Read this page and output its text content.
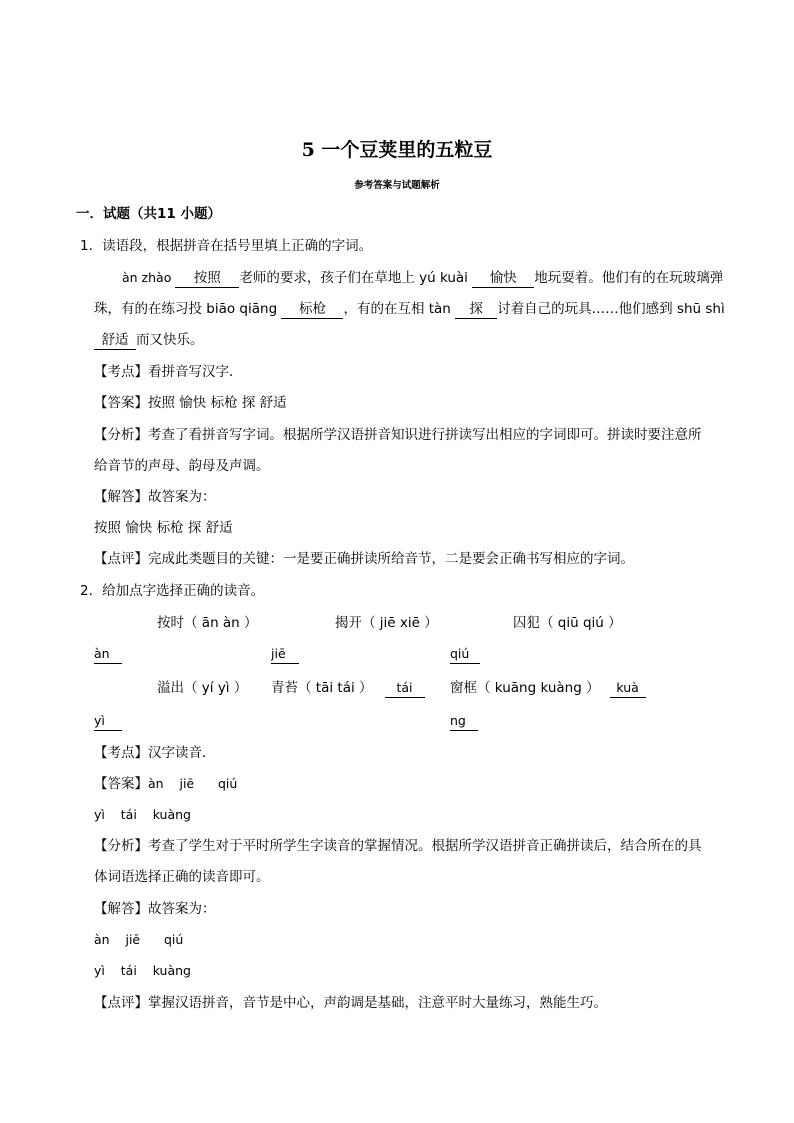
5 一个豆荚里的五粒豆
参考答案与试题解析
一．试题（共11 小题）
1．读语段，根据拼音在括号里填上正确的字词。
àn zhào 按照 老师的要求，孩子们在草地上 yú kuài 愉快 地玩耍着。他们有的在玩玻璃弹
珠，有的在练习投 biāo qiāng 标枪 ，有的在互相 tàn 探 讨着自己的玩具……他们感到 shū shì
舒适 而又快乐。
【考点】看拼音写汉字．
【答案】按照 愉快 标枪 探 舒适
【分析】考查了看拼音写字词。根据所学汉语拼音知识进行拼读写出相应的字词即可。拼读时要注意所
给音节的声母、韵母及声调。
【解答】故答案为：
按照 愉快 标枪 探 舒适
【点评】完成此类题目的关键：一是要正确拼读所给音节，二是要会正确书写相应的字词。
2．给加点字选择正确的读音。
按时（ ān àn ）	揭开（ jiē xiē ）	囚犯（ qiū qiú ）
àn	jiē	qiú
溢出（ yí yì ） 青苔（ tāi tái ） tái	窗框（ kuāng kuàng ） kuà
yì	ng
【考点】汉字读音．
【答案】àn    jiē      qiú
yì    tái    kuàng
【分析】考查了学生对于平时所学生字读音的掌握情况。根据所学汉语拼音正确拼读后，结合所在的具
体词语选择正确的读音即可。
【解答】故答案为：
àn    jiē      qiú
yì    tái    kuàng
【点评】掌握汉语拼音，音节是中心，声韵调是基础，注意平时大量练习，熟能生巧。
